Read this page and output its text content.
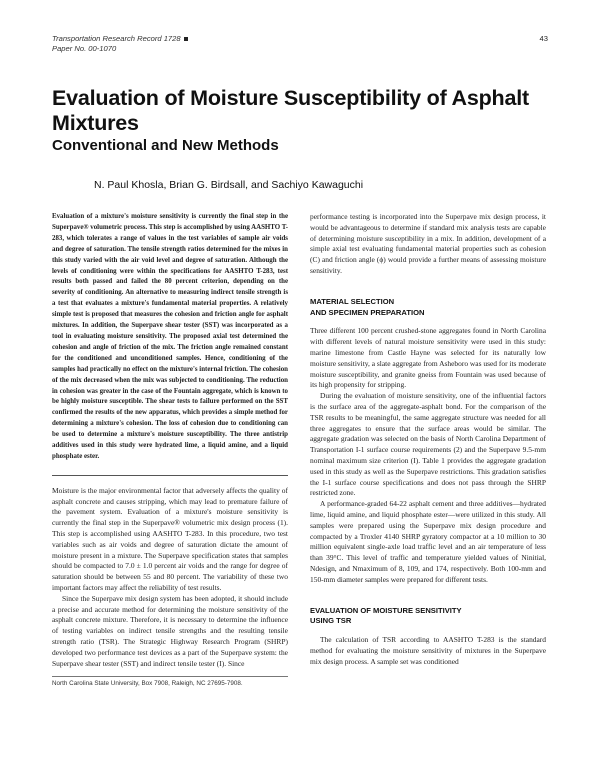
Transportation Research Record 1728
Paper No. 00-1070
43
Evaluation of Moisture Susceptibility of Asphalt Mixtures
Conventional and New Methods
N. Paul Khosla, Brian G. Birdsall, and Sachiyo Kawaguchi

Evaluation of a mixture's moisture sensitivity is currently the final step in the Superpave® volumetric process. This step is accomplished by using AASHTO T-283, which tolerates a range of values in the test variables of sample air voids and degree of saturation. The tensile strength ratios determined for the mixes in this study varied with the air void level and degree of saturation. Although the levels of conditioning were within the specifications for AASHTO T-283, test results both passed and failed the 80 percent criterion, depending on the severity of conditioning. An alternative to measuring indirect tensile strength is a test that evaluates a mixture's fundamental material properties. A relatively simple test is proposed that measures the cohesion and friction angle for asphalt mixtures. In addition, the Superpave shear tester (SST) was incorporated as a tool in evaluating moisture sensitivity. The proposed axial test determined the cohesion and angle of friction of the mix. The friction angle remained constant for the conditioned and unconditioned samples. Hence, conditioning of the samples had practically no effect on the mixture's internal friction. The cohesion of the mix decreased when the mix was subjected to conditioning. The reduction in cohesion was greater in the case of the Fountain aggregate, which is known to be highly moisture susceptible. The shear tests to failure performed on the SST confirmed the results of the new apparatus, which provides a simple method for determining a mixture's cohesion. The loss of cohesion due to conditioning can be used to determine a mixture's moisture susceptibility. The three antistrip additives used in this study were hydrated lime, a liquid amine, and a liquid phosphate ester.

Moisture is the major environmental factor that adversely affects the quality of asphalt concrete and causes stripping, which may lead to premature failure of the pavement system. Evaluation of a mixture's moisture sensitivity is currently the final step in the Superpave® volumetric mix design process (1). This step is accomplished using AASHTO T-283. In this procedure, two test variables such as air voids and degree of saturation dictate the amount of moisture present in a mixture. The Superpave specification states that samples should be compacted to 7.0 ± 1.0 percent air voids and the range for degree of saturation should be between 55 and 80 percent. The variability of these two important factors may affect the reliability of test results.

Since the Superpave mix design system has been adopted, it should include a precise and accurate method for determining the moisture sensitivity of the asphalt concrete mixture. Therefore, it is necessary to determine the influence of testing variables on indirect tensile strengths and the resulting tensile strength ratio (TSR). The Strategic Highway Research Program (SHRP) developed two performance test devices as a part of the Superpave system: the Superpave shear tester (SST) and indirect tensile tester (I). Since

North Carolina State University, Box 7908, Raleigh, NC 27695-7908.

performance testing is incorporated into the Superpave mix design process, it would be advantageous to determine if standard mix analysis tests are capable of determining moisture susceptibility in a mix. In addition, development of a simple axial test evaluating fundamental material properties such as cohesion (C) and friction angle (ϕ) would provide a further means of assessing moisture sensitivity.

MATERIAL SELECTION

AND SPECIMEN PREPARATION

Three different 100 percent crushed-stone aggregates found in North Carolina with different levels of natural moisture sensitivity were used in this study: marine limestone from Castle Hayne was selected for its naturally low moisture sensitivity, a slate aggregate from Asheboro was used for its moderate moisture susceptibility, and granite gneiss from Fountain was used because of its high propensity for stripping.

During the evaluation of moisture sensitivity, one of the influential factors is the surface area of the aggregate-asphalt bond. For the comparison of the TSR results to be meaningful, the same aggregate structure was needed for all three aggregates to ensure that the surface areas would be similar. The aggregate gradation was selected on the basis of North Carolina Department of Transportation I-1 surface course requirements (2) and the Superpave 9.5-mm nominal maximum size criterion (I). Table 1 provides the aggregate gradation used in this study as well as the Superpave restrictions. This gradation satisfies the I-1 surface course specifications and does not pass through the SHRP restricted zone.

A performance-graded 64-22 asphalt cement and three additives—hydrated lime, liquid amine, and liquid phosphate ester—were utilized in this study. All samples were prepared using the Superpave mix design procedure and compacted by a Troxler 4140 SHRP gyratory compactor at a 10 million to 30 million equivalent single-axle load traffic level and an air temperature of less than 39°C. This level of traffic and temperature yielded values of Ninitial, Ndesign, and Nmaximum of 8, 109, and 174, respectively. Both 100-mm and 150-mm diameter samples were prepared for different tests.

EVALUATION OF MOISTURE SENSITIVITY

USING TSR

The calculation of TSR according to AASHTO T-283 is the standard method for evaluating the moisture sensitivity of mixtures in the Superpave mix design process. A sample set was conditioned
